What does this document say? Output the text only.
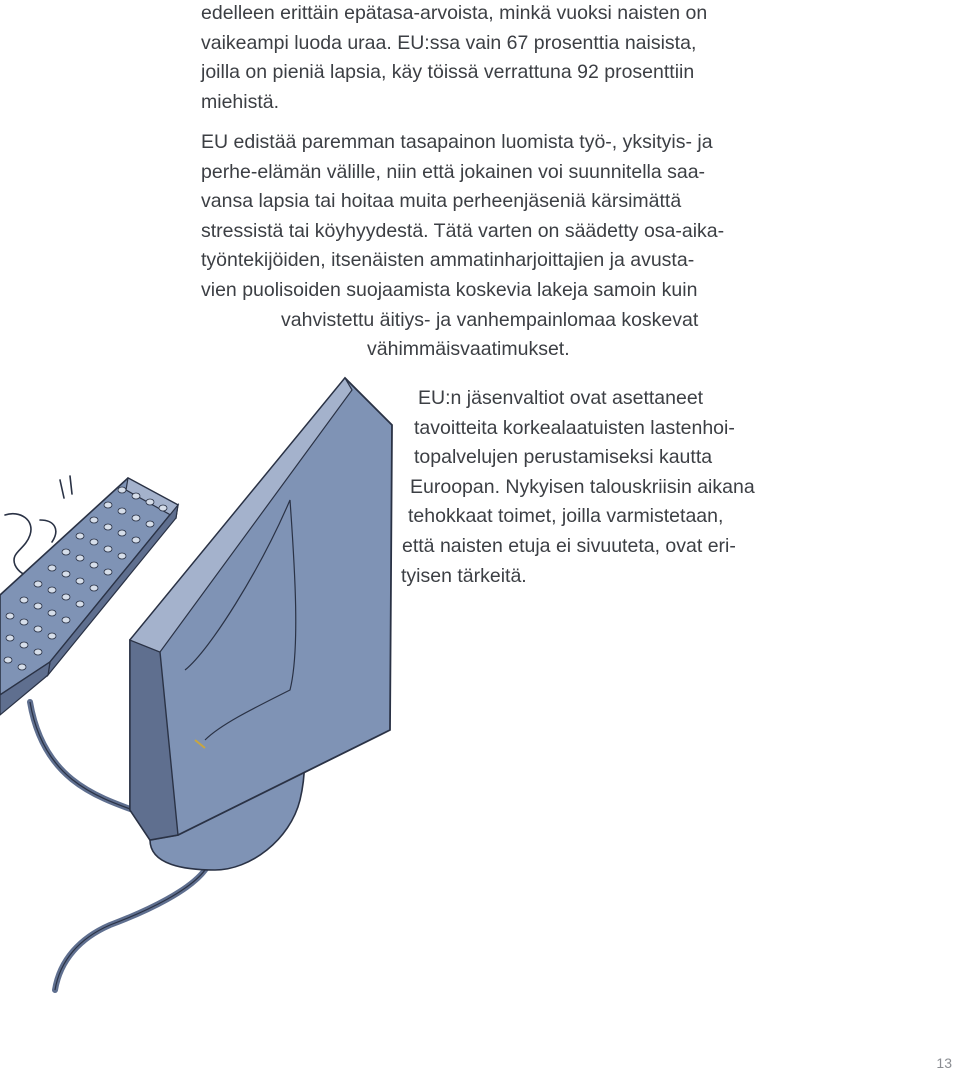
edelleen erittäin epätasa-arvoista, minkä vuoksi naisten on
vaikeampi luoda uraa. EU:ssa vain 67 prosenttia naisista,
joilla on pieniä lapsia, käy töissä verrattuna 92 prosenttiin
miehistä.
EU edistää paremman tasapainon luomista työ-, yksityis- ja
perhe-elämän välille, niin että jokainen voi suunnitella saa-
vansa lapsia tai hoitaa muita perheenjäseniä kärsimättä
stressistä tai köyhyydestä. Tätä varten on säädetty osa-aika-
työntekijöiden, itsenäisten ammatinharjoittajien ja avusta-
vien puolisoiden suojaamista koskevia lakeja samoin kuin
vahvistettu äitiys- ja vanhempainlomaa koskevat
vähimmäisvaatimukset.
EU:n jäsenvaltiot ovat asettaneet
tavoitteita korkealaatuisten lastenhoi-
topalvelujen perustamiseksi kautta
Euroopan. Nykyisen talouskriisin aikana
tehokkaat toimet, joilla varmistetaan,
että naisten etuja ei sivuuteta, ovat eri-
tyisen tärkeitä.
13
